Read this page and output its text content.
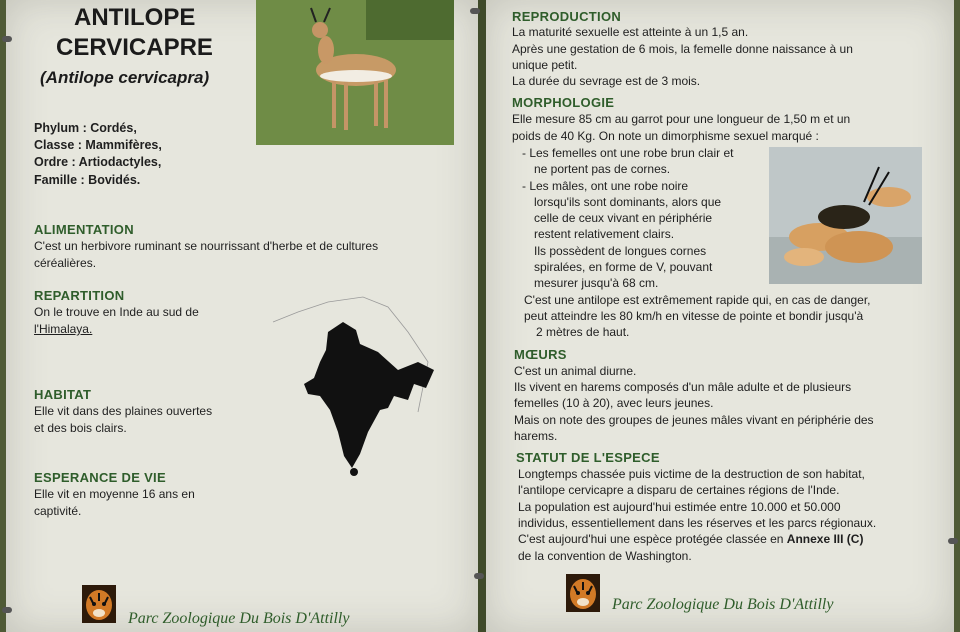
ANTILOPE
CERVICAPRE
(Antilope cervicapra)
Phylum : Cordés,
Classe : Mammifères,
Ordre : Artiodactyles,
Famille : Bovidés.
ALIMENTATION
C'est un herbivore ruminant se nourrissant d'herbe et de cultures
céréalières.
REPARTITION
On le trouve en Inde au sud de
l'Himalaya.
HABITAT
Elle vit dans des plaines ouvertes
et des bois clairs.
ESPERANCE DE VIE
Elle vit en moyenne 16 ans en
captivité.
Parc Zoologique Du Bois D'Attilly
REPRODUCTION
La maturité sexuelle est atteinte à un 1,5 an.
Après une gestation de 6 mois, la femelle donne naissance à un
unique petit.
La durée du sevrage est de 3 mois.
MORPHOLOGIE
Elle mesure 85 cm au garrot pour une longueur de 1,50 m et un
poids de 40 Kg. On note un dimorphisme sexuel marqué :
- Les femelles ont une robe brun clair et
ne portent pas de cornes.
- Les mâles, ont une robe noire
lorsqu'ils sont dominants, alors que
celle de ceux vivant en périphérie
restent relativement clairs.
Ils possèdent de longues cornes
spiralées, en forme de V, pouvant
mesurer jusqu'à 68 cm.
C'est une antilope est extrêmement rapide qui, en cas de danger,
peut atteindre les 80 km/h en vitesse de pointe et bondir jusqu'à
2 mètres de haut.
MŒURS
C'est un animal diurne.
Ils vivent en harems composés d'un mâle adulte et de plusieurs
femelles (10 à 20), avec leurs jeunes.
Mais on note des groupes de jeunes mâles vivant en périphérie des
harems.
STATUT DE L'ESPECE
Longtemps chassée puis victime de la destruction de son habitat,
l'antilope cervicapre a disparu de certaines régions de l'Inde.
La population est aujourd'hui estimée entre 10.000 et 50.000
individus, essentiellement dans les réserves et les parcs régionaux.
C'est aujourd'hui une espèce protégée classée en Annexe III (C)
de la convention de Washington.
Parc Zoologique Du Bois D'Attilly
